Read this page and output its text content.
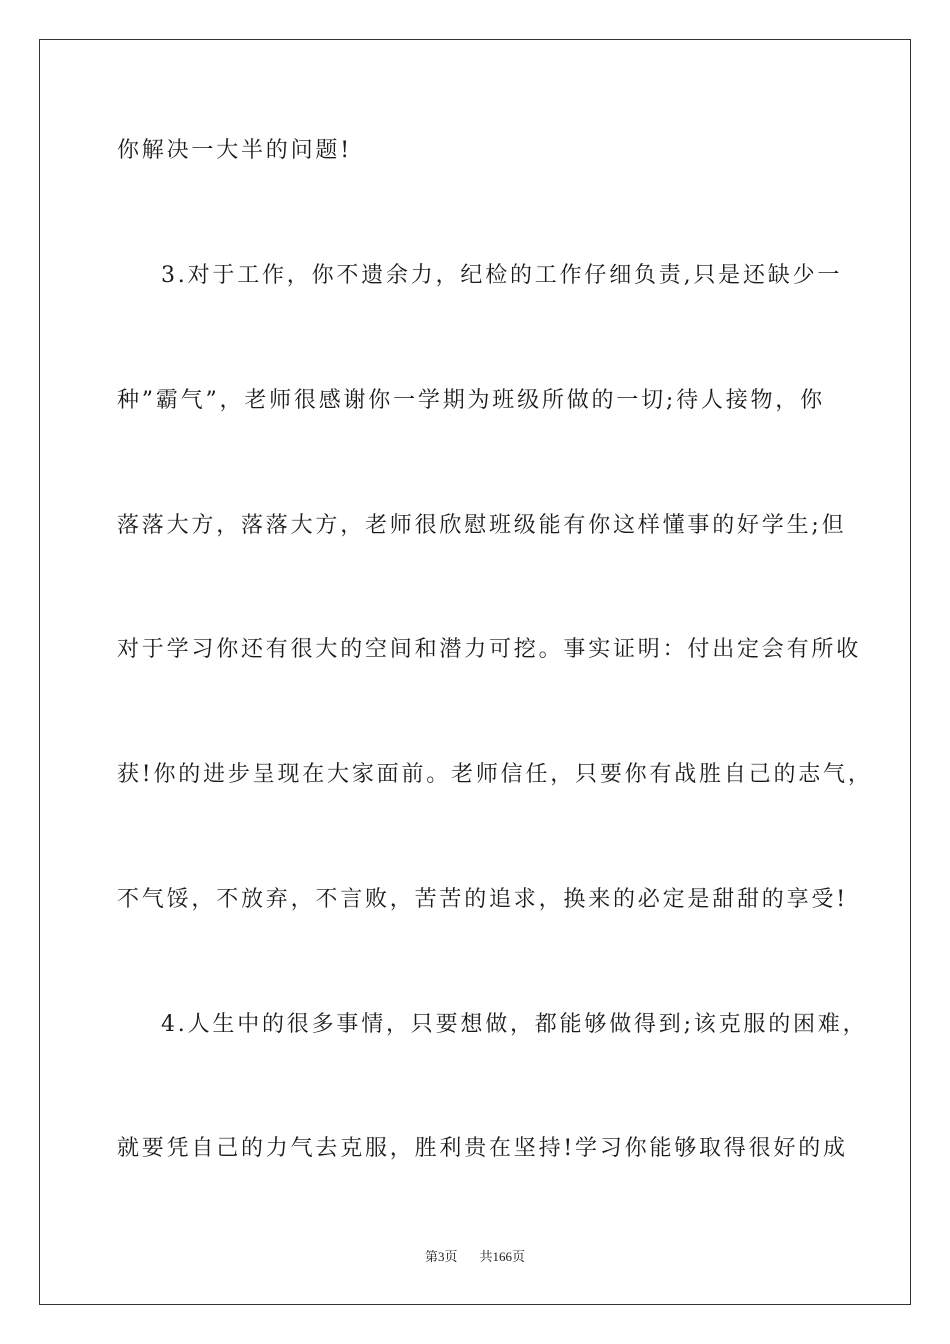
你解决一大半的问题!
3.对于工作，你不遗余力，纪检的工作仔细负责,只是还缺少一
种”霸气”，老师很感谢你一学期为班级所做的一切;待人接物，你
落落大方，落落大方，老师很欣慰班级能有你这样懂事的好学生;但
对于学习你还有很大的空间和潜力可挖。事实证明：付出定会有所收
获!你的进步呈现在大家面前。老师信任，只要你有战胜自己的志气，
不气馁，不放弃，不言败，苦苦的追求，换来的必定是甜甜的享受!
4.人生中的很多事情，只要想做，都能够做得到;该克服的困难，
就要凭自己的力气去克服，胜利贵在坚持!学习你能够取得很好的成
第3页 共166页
